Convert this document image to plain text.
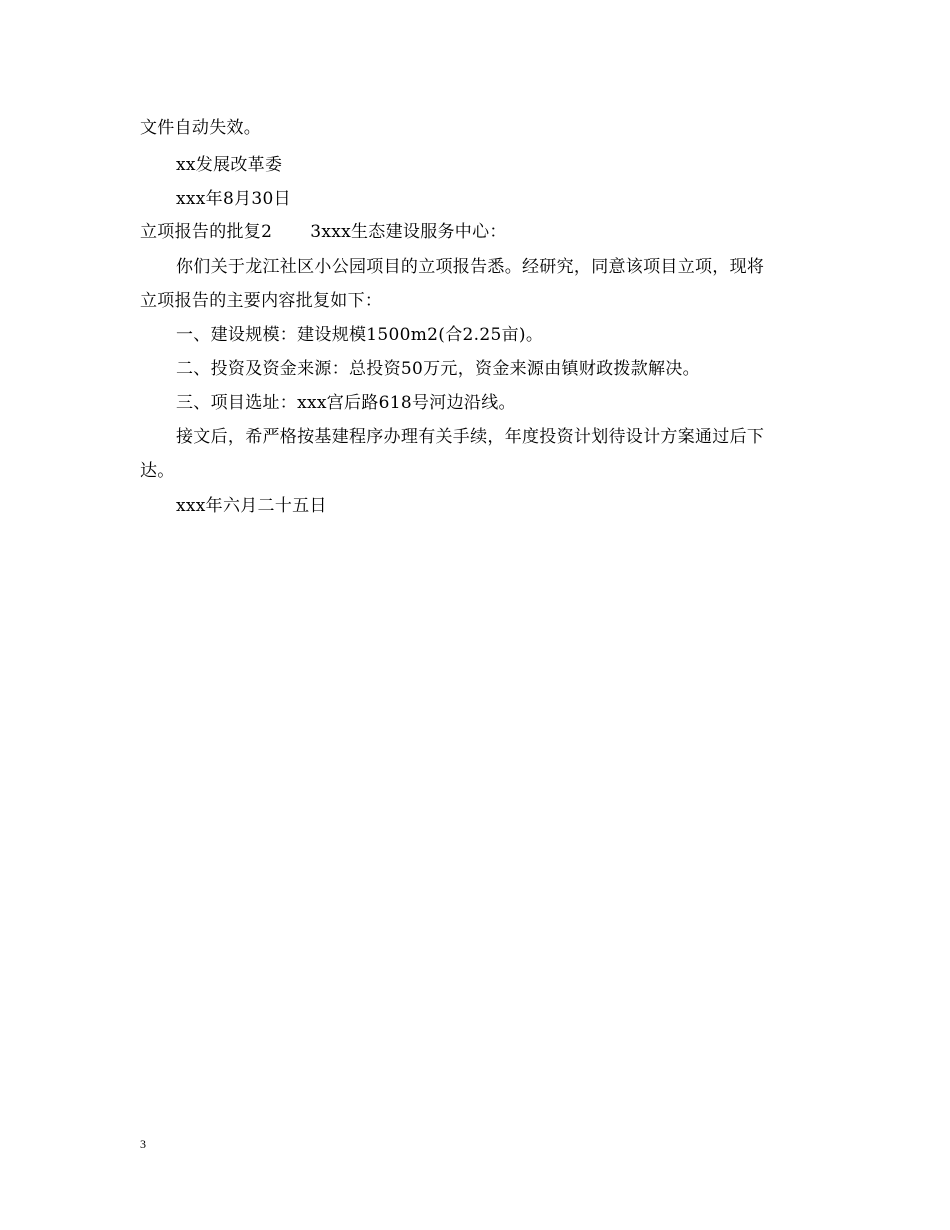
文件自动失效。
xx发展改革委
xxx年8月30日
立项报告的批复2 3xxx生态建设服务中心：
你们关于龙江社区小公园项目的立项报告悉。经研究，同意该项目立项，现将
立项报告的主要内容批复如下：
一、建设规模：建设规模1500m2(合2.25亩)。
二、投资及资金来源：总投资50万元，资金来源由镇财政拨款解决。
三、项目选址：xxx宫后路618号河边沿线。
接文后，希严格按基建程序办理有关手续，年度投资计划待设计方案通过后下
达。
xxx年六月二十五日
3
